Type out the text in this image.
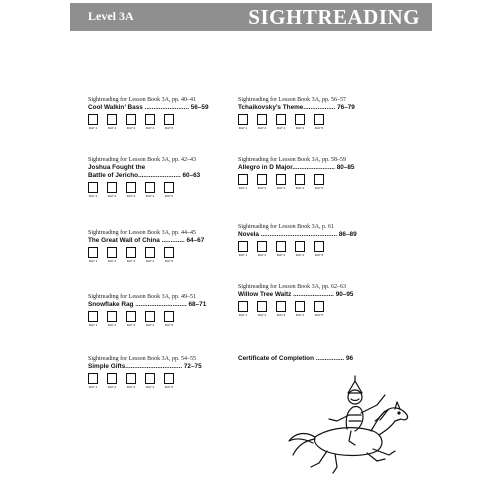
Level 3A	SIGHTREADING
Sightreading for Lesson Book 3A, pp. 40–41
Cool Walkin’ Bass ......................... 56–59
DAY 1	DAY 2	DAY 3	DAY 4	DAY 5
Sightreading for Lesson Book 3A, pp. 42–43
Joshua Fought the
Battle of Jericho........................ 60–63
DAY 1	DAY 2	DAY 3	DAY 4	DAY 5
Sightreading for Lesson Book 3A, pp. 44–45
The Great Wall of China ............. 64–67
DAY 1	DAY 2	DAY 3	DAY 4	DAY 5
Sightreading for Lesson Book 3A, pp. 49–51
Snowflake Rag ............................. 68–71
DAY 1	DAY 2	DAY 3	DAY 4	DAY 5
Sightreading for Lesson Book 3A, pp. 54–55
Simple Gifts................................ 72–75
DAY 1	DAY 2	DAY 3	DAY 4	DAY 5
Sightreading for Lesson Book 3A, pp. 56–57
Tchaikovsky’s Theme.................. 76–79
DAY 1	DAY 2	DAY 3	DAY 4	DAY 5
Sightreading for Lesson Book 3A, pp. 58–59
Allegro in D Major........................ 80–85
DAY 1	DAY 2	DAY 3	DAY 4	DAY 5
Sightreading for Lesson Book 3A, p. 61
Novela ........................................... 86–89
DAY 1	DAY 2	DAY 3	DAY 4	DAY 5
Sightreading for Lesson Book 3A, pp. 62–63
Willow Tree Waltz ....................... 90–95
DAY 1	DAY 2	DAY 3	DAY 4	DAY 5
Certificate of Completion ................ 96
